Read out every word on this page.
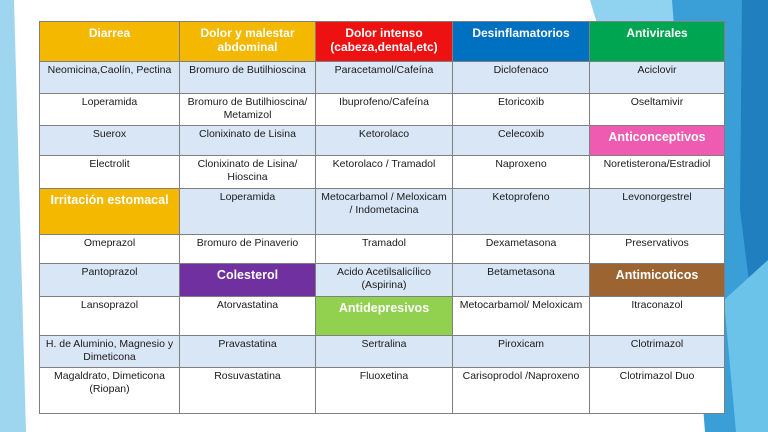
Diarrea	Dolor y malestar abdominal	Dolor intenso (cabeza,dental,etc)	Desinflamatorios	Antivirales
Neomicina,Caolín, Pectina	Bromuro de Butilhioscina	Paracetamol/Cafeína	Diclofenaco	Aciclovir
Loperamida	Bromuro de Butilhioscina/ Metamizol	Ibuprofeno/Cafeína	Etoricoxib	Oseltamivir
Suerox	Clonixinato de Lisina	Ketorolaco	Celecoxib	Anticonceptivos
Electrolit	Clonixinato de Lisina/ Hioscina	Ketorolaco / Tramadol	Naproxeno	Noretisterona/Estradiol
Irritación estomacal	Loperamida	Metocarbamol / Meloxicam / Indometacina	Ketoprofeno	Levonorgestrel
Omeprazol	Bromuro de Pinaverio	Tramadol	Dexametasona	Preservativos
Pantoprazol	Colesterol	Acido Acetilsalicílico (Aspirina)	Betametasona	Antimicoticos
Lansoprazol	Atorvastatina	Antidepresivos	Metocarbamol/ Meloxicam	Itraconazol
H. de Aluminio, Magnesio y Dimeticona	Pravastatina	Sertralina	Piroxicam	Clotrimazol
Magaldrato, Dimeticona (Riopan)	Rosuvastatina	Fluoxetina	Carisoprodol /Naproxeno	Clotrimazol Duo
